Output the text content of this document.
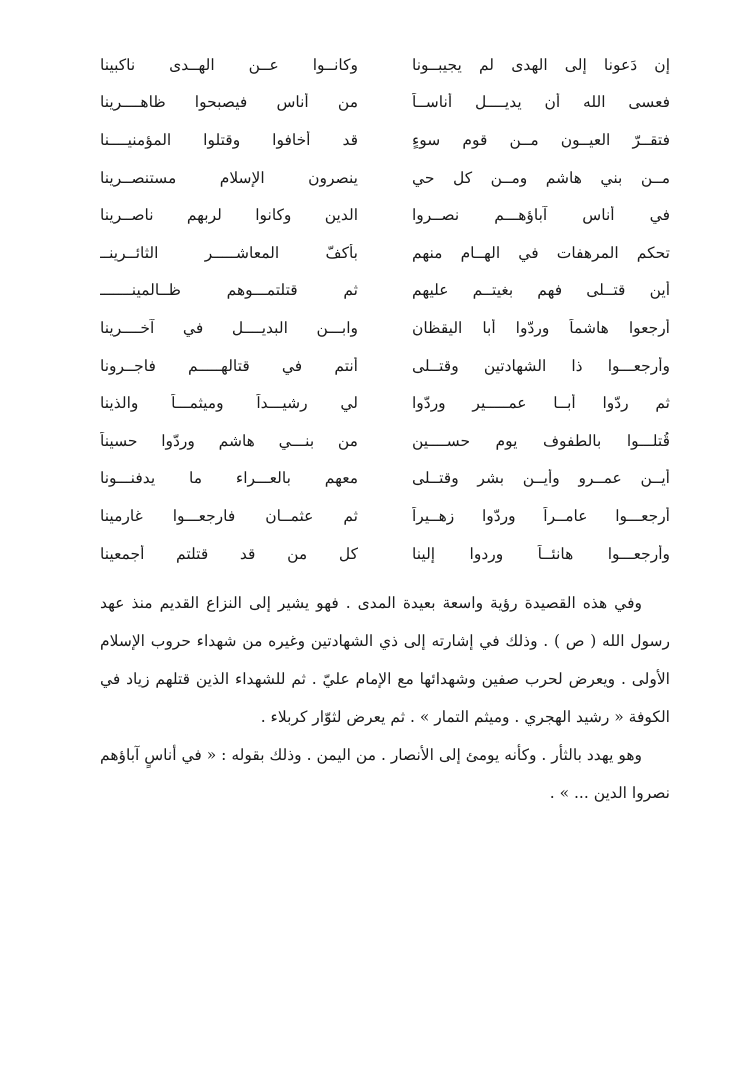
إن دَعونا إلى الهدى لم يجيبــونا
وكانــوا عــن الهــدى ناكبينا
فعسى الله أن يديــــل أناســاً
من أناس فيصبحوا ظاهــــرينا
فتقــرّ العيــون مــن قوم سوءٍ
قد أخافوا وقتلوا المؤمنيــــنا
مــن بني هاشمٍ ومــن كل حيٍ
ينصرون الإسلام مستنصــرينا
في أناسٍ آباؤهـــم نصــروا
الدين وكانوا لربهم ناصــرينا
تحكم المرهفات في الهــام منهم
بأكفّ المعاشـــــر الثائــرينــ
أين قتــلى فهم بغيتــم عليهم
ثم قتلتمـــوهم ظــالمينـــــــ
أرجعوا هاشماً وردّوا أبا اليقظان
وابـــن البديــــل في آخــــرينا
وأرجعـــوا ذا الشهادتين وقتــلى
أنتم في قتالهـــــم فاجــرونا
ثم ردّوا أبــا عمـــــير وردّوا
لي رشيـــداً وميثمـــاً والذينا
قُتلـــوا بالطفوف يوم حســــين
من بنـــي هاشم وردّوا حسيناً
أيــن عمــرو وأيــن بشر وقتــلى
معهم بالعـــراء ما يدفنـــونا
أرجعـــوا عامــراً وردّوا زهــيراً
ثم عثمــان فارجعـــوا غارمينا
وأرجعـــوا هانئــاً وردوا إلينا
كل من قد قتلتم أجمعينا

وفي هذه القصيدة رؤية واسعة بعيدة المدى . فهو يشير إلى النزاع القديم منذ عهد رسول الله ( ص ) . وذلك في إشارته إلى ذي الشهادتين وغيره من شهداء حروب الإسلام الأولى . ويعرض لحرب صفين وشهدائها مع الإمام عليّ . ثم للشهداء الذين قتلهم زياد في الكوفة « رشيد الهجري . وميثم التمار » . ثم يعرض لثوّار كربلاء .

وهو يهدد بالثأر . وكأنه يومئ إلى الأنصار . من اليمن . وذلك بقوله : « في أناسٍ آباؤهم نصروا الدين ... » .
